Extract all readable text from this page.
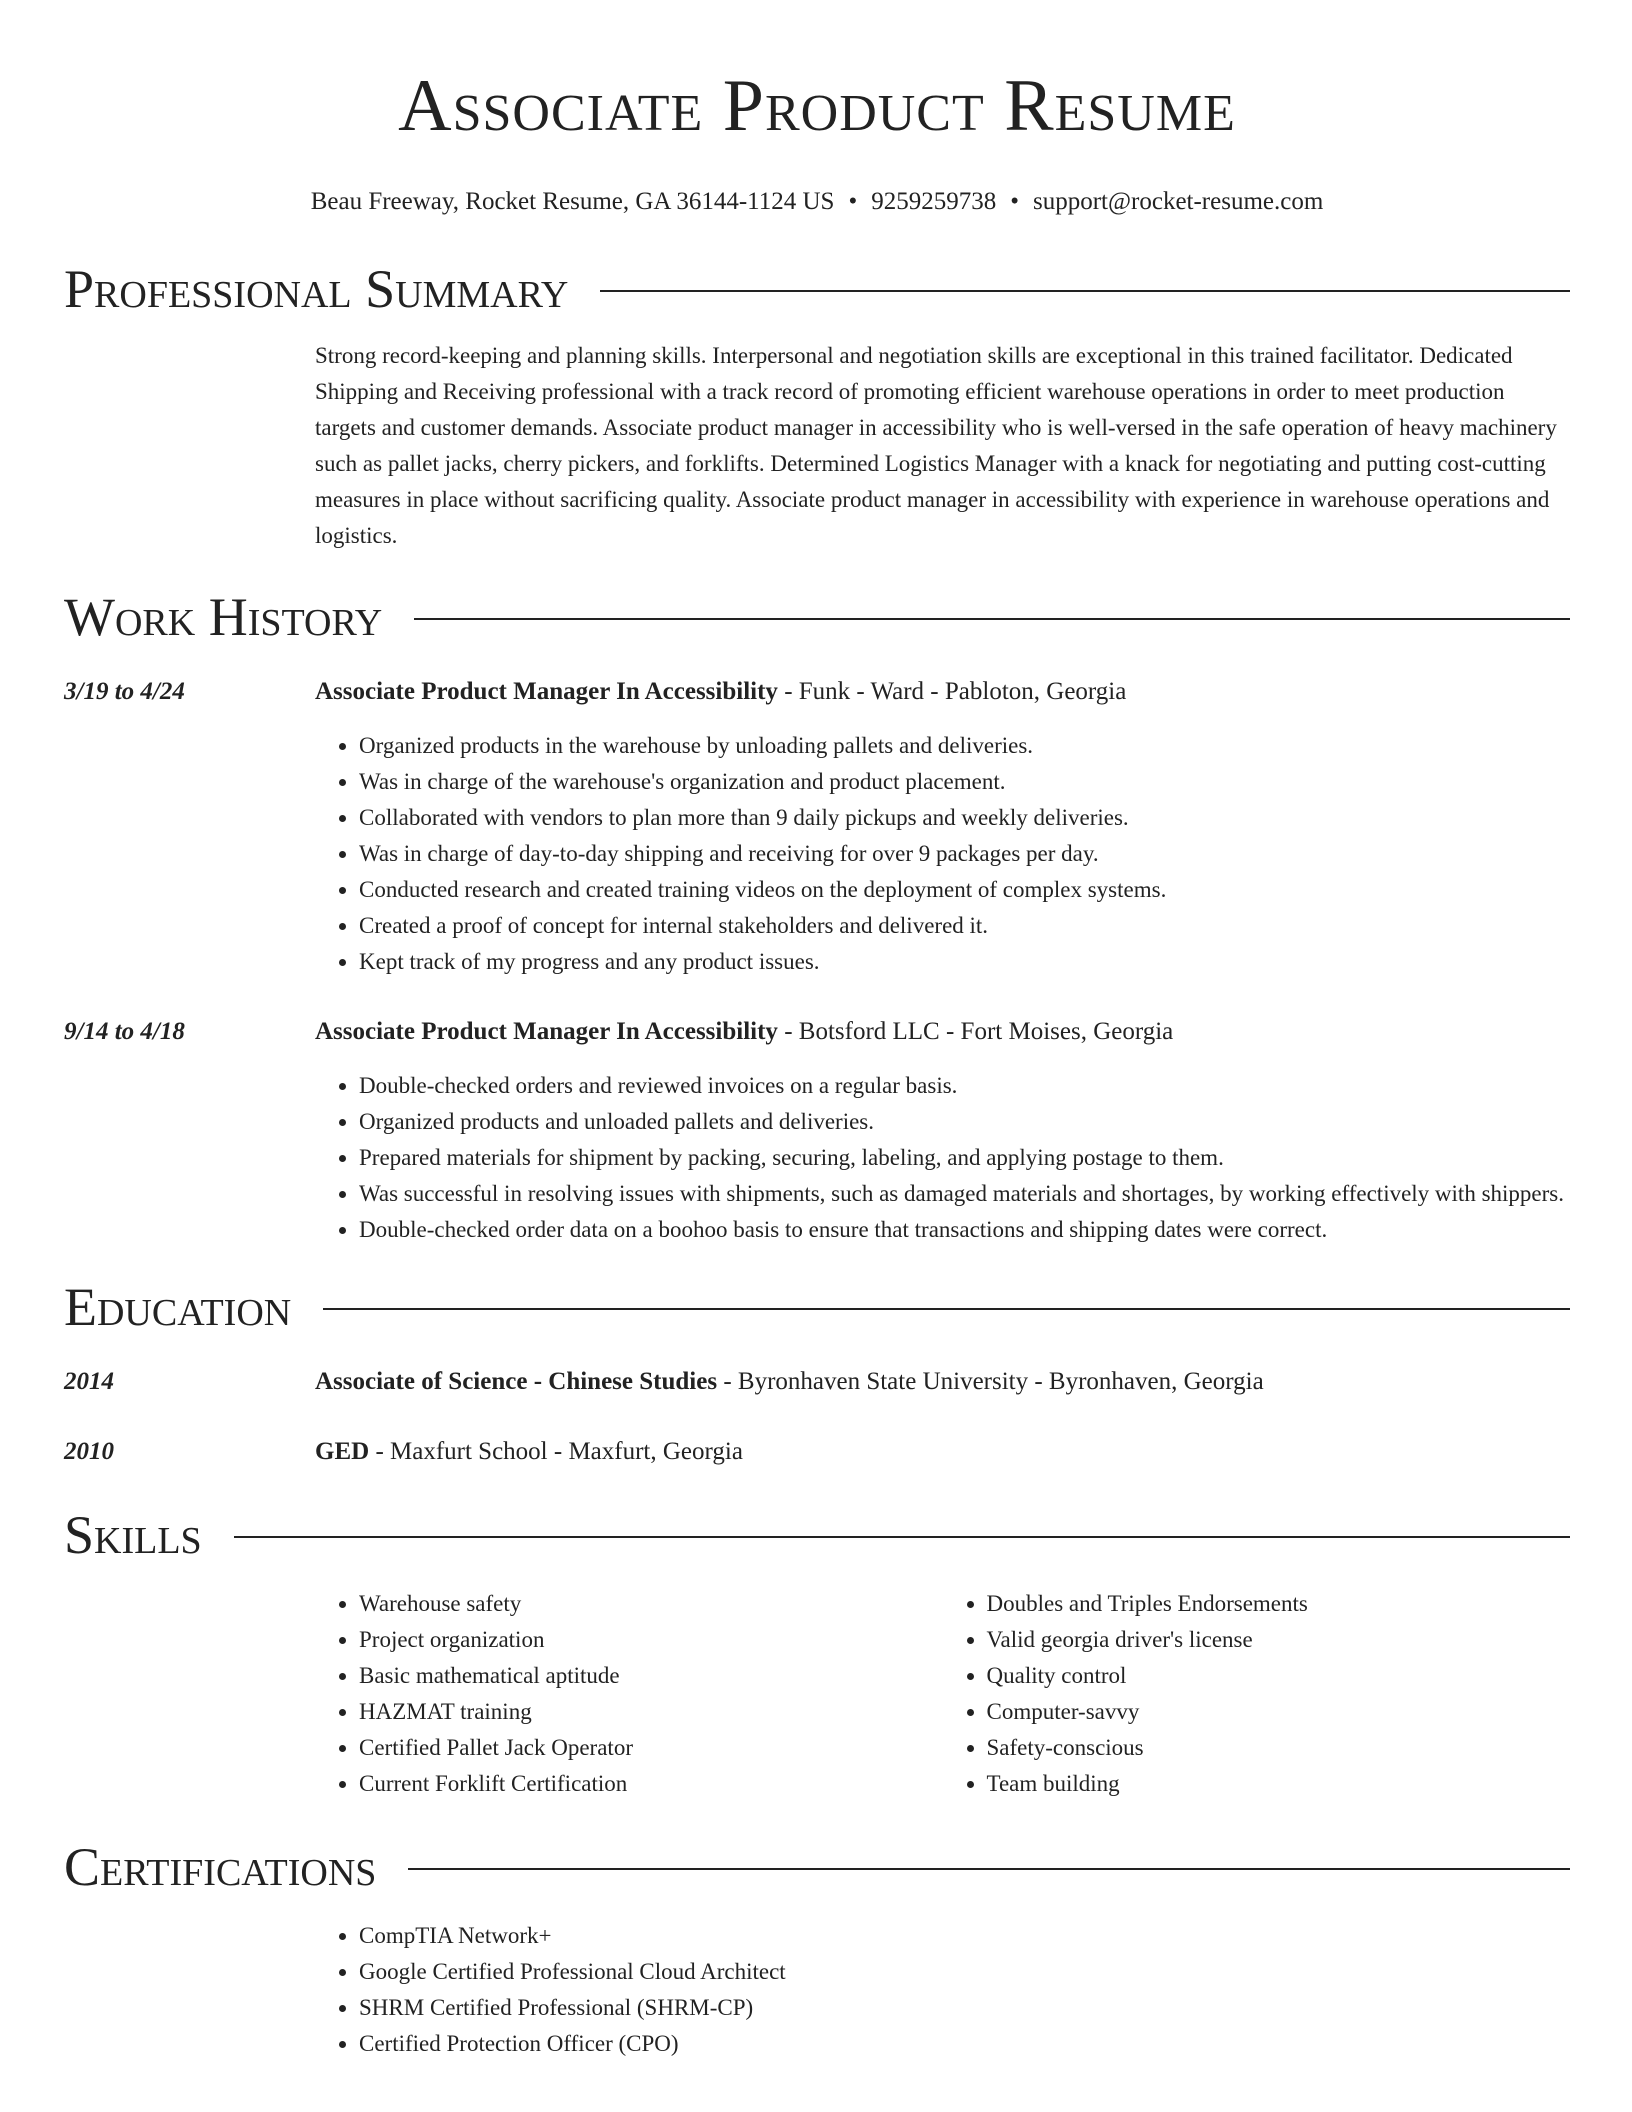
Associate Product Resume
Beau Freeway, Rocket Resume, GA 36144-1124 US • 9259259738 • support@rocket-resume.com
Professional Summary
Strong record-keeping and planning skills. Interpersonal and negotiation skills are exceptional in this trained facilitator. Dedicated Shipping and Receiving professional with a track record of promoting efficient warehouse operations in order to meet production targets and customer demands. Associate product manager in accessibility who is well-versed in the safe operation of heavy machinery such as pallet jacks, cherry pickers, and forklifts. Determined Logistics Manager with a knack for negotiating and putting cost-cutting measures in place without sacrificing quality. Associate product manager in accessibility with experience in warehouse operations and logistics.
Work History
3/19 to 4/24	Associate Product Manager In Accessibility - Funk - Ward - Pabloton, Georgia
• Organized products in the warehouse by unloading pallets and deliveries.
• Was in charge of the warehouse's organization and product placement.
• Collaborated with vendors to plan more than 9 daily pickups and weekly deliveries.
• Was in charge of day-to-day shipping and receiving for over 9 packages per day.
• Conducted research and created training videos on the deployment of complex systems.
• Created a proof of concept for internal stakeholders and delivered it.
• Kept track of my progress and any product issues.
9/14 to 4/18	Associate Product Manager In Accessibility - Botsford LLC - Fort Moises, Georgia
• Double-checked orders and reviewed invoices on a regular basis.
• Organized products and unloaded pallets and deliveries.
• Prepared materials for shipment by packing, securing, labeling, and applying postage to them.
• Was successful in resolving issues with shipments, such as damaged materials and shortages, by working effectively with shippers.
• Double-checked order data on a boohoo basis to ensure that transactions and shipping dates were correct.
Education
2014	Associate of Science - Chinese Studies - Byronhaven State University - Byronhaven, Georgia
2010	GED - Maxfurt School - Maxfurt, Georgia
Skills
• Warehouse safety
• Project organization
• Basic mathematical aptitude
• HAZMAT training
• Certified Pallet Jack Operator
• Current Forklift Certification
• Doubles and Triples Endorsements
• Valid georgia driver's license
• Quality control
• Computer-savvy
• Safety-conscious
• Team building
Certifications
• CompTIA Network+
• Google Certified Professional Cloud Architect
• SHRM Certified Professional (SHRM-CP)
• Certified Protection Officer (CPO)
